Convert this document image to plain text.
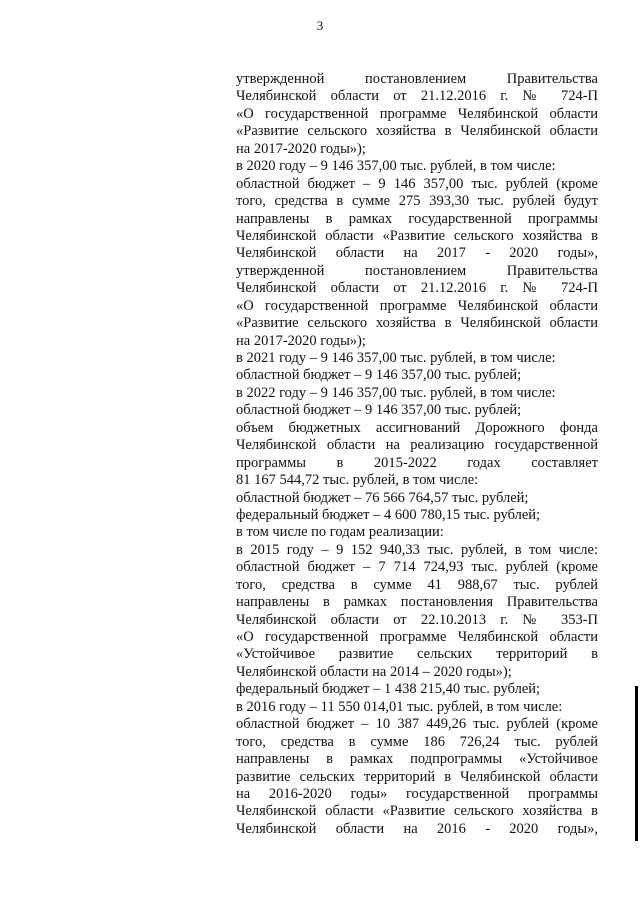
3
утвержденной постановлением Правительства
Челябинской области от 21.12.2016 г. № 724-П
«О государственной программе Челябинской области
«Развитие сельского хозяйства в Челябинской области
на 2017-2020 годы»);
в 2020 году – 9 146 357,00 тыс. рублей, в том числе:
областной бюджет – 9 146 357,00 тыс. рублей (кроме
того, средства в сумме 275 393,30 тыс. рублей будут
направлены в рамках государственной программы
Челябинской области «Развитие сельского хозяйства в
Челябинской области на 2017 - 2020 годы»,
утвержденной постановлением Правительства
Челябинской области от 21.12.2016 г. № 724-П
«О государственной программе Челябинской области
«Развитие сельского хозяйства в Челябинской области
на 2017-2020 годы»);
в 2021 году – 9 146 357,00 тыс. рублей, в том числе:
областной бюджет – 9 146 357,00 тыс. рублей;
в 2022 году – 9 146 357,00 тыс. рублей, в том числе:
областной бюджет – 9 146 357,00 тыс. рублей;
объем бюджетных ассигнований Дорожного фонда
Челябинской области на реализацию государственной
программы в 2015-2022 годах составляет
81 167 544,72 тыс. рублей, в том числе:
областной бюджет – 76 566 764,57 тыс. рублей;
федеральный бюджет – 4 600 780,15 тыс. рублей;
в том числе по годам реализации:
в 2015 году – 9 152 940,33 тыс. рублей, в том числе:
областной бюджет – 7 714 724,93 тыс. рублей (кроме
того, средства в сумме 41 988,67 тыс. рублей
направлены в рамках постановления Правительства
Челябинской области от 22.10.2013 г. № 353-П
«О государственной программе Челябинской области
«Устойчивое развитие сельских территорий в
Челябинской области на 2014 – 2020 годы»);
федеральный бюджет – 1 438 215,40 тыс. рублей;
в 2016 году – 11 550 014,01 тыс. рублей, в том числе:
областной бюджет – 10 387 449,26 тыс. рублей (кроме
того, средства в сумме 186 726,24 тыс. рублей
направлены в рамках подпрограммы «Устойчивое
развитие сельских территорий в Челябинской области
на 2016-2020 годы» государственной программы
Челябинской области «Развитие сельского хозяйства в
Челябинской области на 2016 - 2020 годы»,
